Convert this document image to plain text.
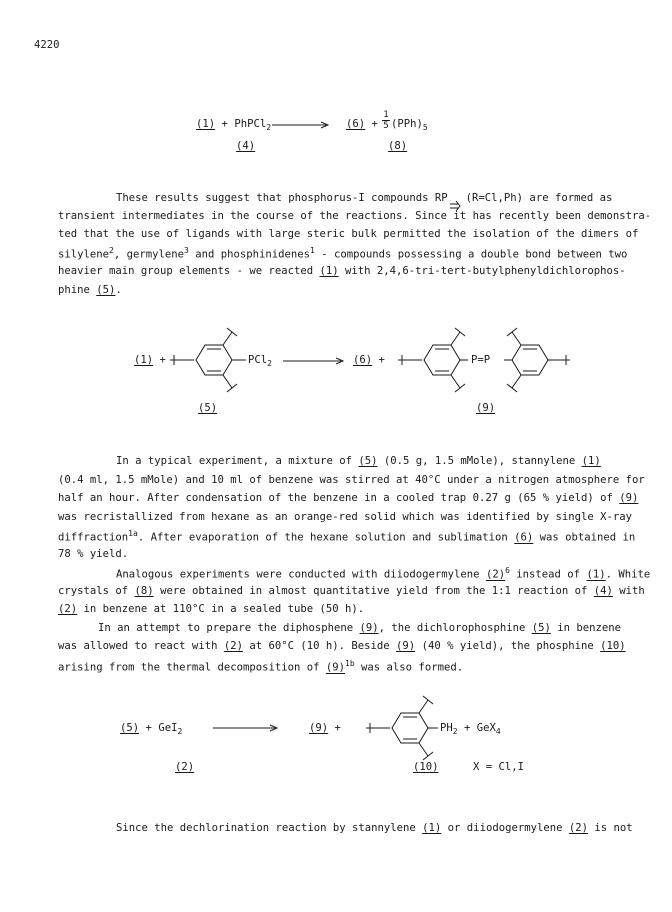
4220
(1) + PhPCl$_2$ → (6) +
1
5 $(PPh)_5$
(4)	(8)
These results suggest that phosphorus-I compounds RP (R=Cl,Ph) are formed as
transient intermediates in the course of the reactions. Since it has recently been demonstra-
ted that the use of ligands with large steric bulk permitted the isolation of the dimers of
silylene$^2$, germylene$^3$ and phosphinidenes$^1$ - compounds possessing a double bond between two
heavier main group elements - we reacted (1) with 2,4,6-tri-tert-butylphenyldichlorophos-
phine (5).
(1) +	PCl$_2$ → (6) +	P=P
(5)	(9)
In a typical experiment, a mixture of (5) (0.5 g, 1.5 mMole), stannylene (1)
(0.4 ml, 1.5 mMole) and 10 ml of benzene was stirred at 40°C under a nitrogen atmosphere for
half an hour. After condensation of the benzene in a cooled trap 0.27 g (65 % yield) of (9)
was recristallized from hexane as an orange-red solid which was identified by single X-ray
diffraction$^{1a}$. After evaporation of the hexane solution and sublimation (6) was obtained in
78 % yield.
Analogous experiments were conducted with diiodogermylene $(2)^6$ instead of (1). White
crystals of (8) were obtained in almost quantitative yield from the 1:1 reaction of (4) with
(2) in benzene at 110°C in a sealed tube (50 h).
In an attempt to prepare the diphosphene (9), the dichlorophosphine (5) in benzene
was allowed to react with (2) at 60°C (10 h). Beside (9) (40 % yield), the phosphine (10)
arising from the thermal decomposition of $(9)^{1b}$ was also formed.
(5) + GeI$_2$	(9) +	$PH_2 + GeX_4$
(2)	(10)	X = Cl,I
Since the dechlorination reaction by stannylene (1) or diiodogermylene (2) is not
